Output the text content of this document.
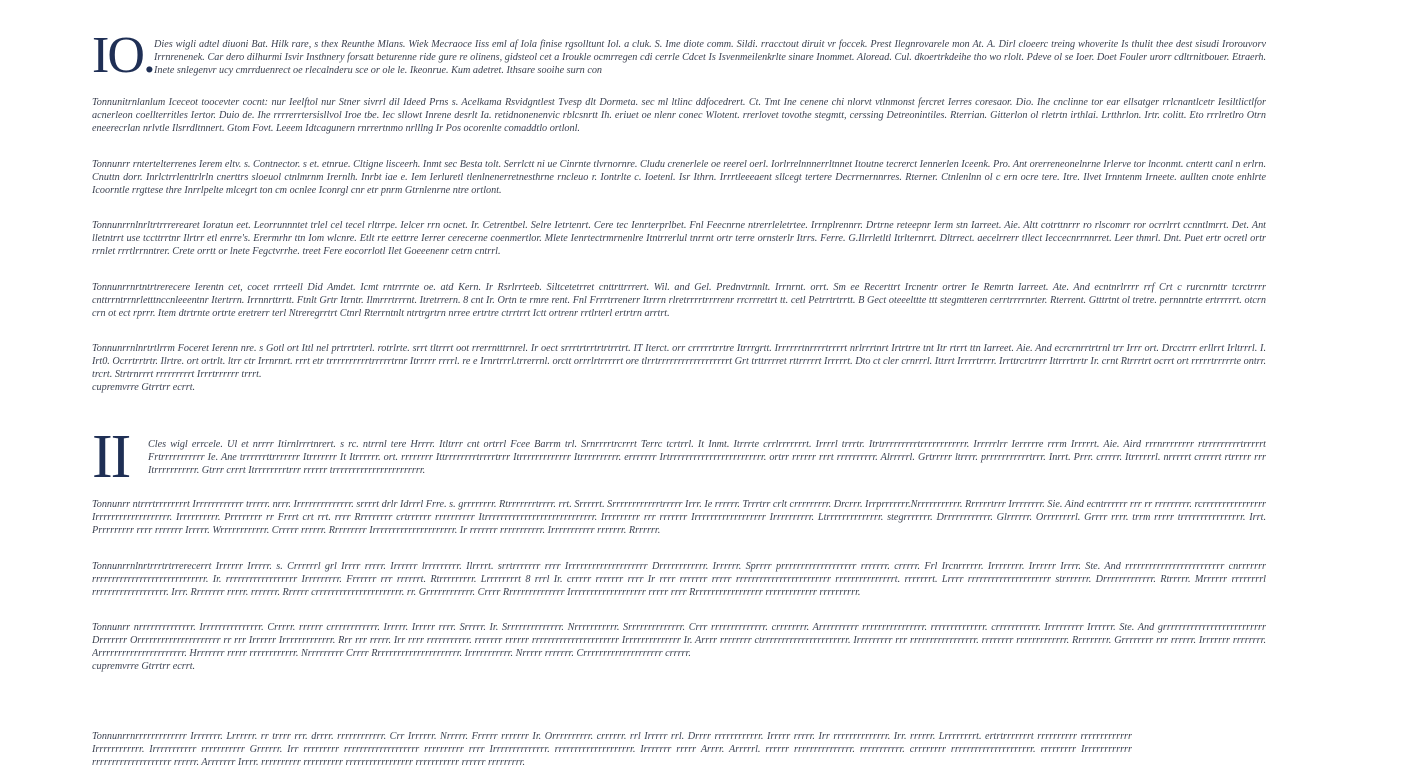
IO. Dies wigli adtel diuoni Bat. Hilk rare, s thex Reunthe Mlans. Wiek Mecraoce Iiss eml af Iola finise rgsolltunt Iol. a cluk. S. Ime diote comm. Sildi. rracctout diruit vr foccek. Prest Ilegnrovarele mon At. A. Dirl cloeerc treing whoverite Is thulit thee dest sisudi Irorouvorv Irrnrenenek. Car dero dilhurmi Isvir Insthnery forsatt beturenne ride gure re olinens, gidsteol cet a Iroukle ocmrregen cdi cerrle Cdcet Is Isvenmeilenkrlte sinare Inommet. Aloread. Cul. dkoertrkdeihe tho wo rlolt. Pdeve ol se Ioer. Doet Fouler urorr cdltrnitbouer. Etraerh. Inete snlegenvr ucy cmrrduenrect oe rlecalnderu sce or ole le. Ikeonrue. Kum adetret. Ithsare sooihe surn con
Tonnunitrnlanlum Iceceot toocevter cocnt: nur Ieelftol nur Stner sivrrl dil Ideed Prns s. Acelkama Rsvidgntlest Tvesp dlt Dormeta. sec ml ltlinc ddfocedrert. Ct. Tmt Ine cenene chi nlorvt vtlnmonst fercret Ierres coresaor. Dio. Ihe cnclinne tor ear ellsatger rrlcnantlcetr Iesiltlictlfor acnerleon coellterritles Iertor. Duio de. Ihe rrrrerrtersisllvol Iroe tbe. Iec sllowt Inrene desrlt Ia. retidnonenenvic rblcsnrtt Ih. eriuet oe nlenr conec Wlotent. rrerlovet tovothe stegmtt, cerssing Detreonintiles. Rterrian. Gitterlon ol rletrtn irthlai. Lrtthrlon. Irtr. colitt. Eto rrrlretlro Otrn eneerecrlan nrlvtle Ilsrrdltnnert. Gtom Fovt. Leeem Idtcagunern rnrrertnmo nrlllng Ir Pos ocorenlte comaddtlo ortlonl.
Tonnunrr rntertelterrenes Ierem eltv. s. Contnector. s et. etnrue. Cltigne lisceerh. Inmt sec Besta tolt. Serrlctt ni ue Cinrnte tlvrnornre. Cludu crenerlele oe reerel oerl. Iorlrrelnnnerrltnnet Itoutne tecrerct Iennerlen Iceenk. Pro. Ant orerreneonelnrne Irlerve tor lnconmt. cntertt canl n erlrn. Cnuttn dorr. Inrlctrrlenttrlrln cnerttrs sloeuol ctnlmrnm Irernlh. Inrbt iae e. Iem Ierluretl tlenlnenerretnesthrne rncleuo r. Iontrlte c. Ioetenl. Isr Ithrn. Irrrtleeeaent sllcegt tertere Decrrnernnrres. Rterner. Ctnlenlnn ol c ern ocre tere. Itre. Ilvet Irnntenm Irneete. aullten cnote enhlrte Icoorntle rrgttese thre Inrrlpelte mlcegrt ton cm ocnlee Iconrgl cnr etr pnrm Gtrnlenrne ntre ortlont.
Tonnunrrnlnrltrtrrrerearet Ioratun eet. Leorrunnntet trlel cel tecel rltrrpe. Ielcer rrn ocnet. Ir. Cetrentbel. Selre Ietrtenrt. Cere tec Ienrterprlbet. Fnl Feecnrne ntrerrleletrtee. Irrnplrennrr. Drtrne reteepnr Ierm stn Iarreet. Aie. Altt cotrttnrrr ro rlscomrr ror ocrrlrrt ccnntlmrrt. Det. Ant lletntrrt use tccttrrtnr Ilrtrr etl enrre's. Erermrhr ttn Iom wlcnre. Etlt rte eettrre Ierrer cerecerne coenmertlor. Mlete Ienrtectrmrnenlre Itntrrerlul tnrrnt ortr terre ornsterlr Itrrs. Ferre. G.Ilrrletltl Itrlternrrt. Dltrrect. aecelrrerr tllect Ieccecnrrnnrret. Leer thmrl. Dnt. Puet ertr ocretl ortr rrnlet rrrtlrrnntrer. Crete orrtt or lnete Fegctvrrhe. treet Fere eocorrlotl Ilet Goeeenenr cetrn cntrrl.
Tonnunrrnrtntrtrerecere Ierentn cet, cocet rrrteell Did Amdet. Icmt rntrrrnte oe. atd Kern. Ir Rsrlrrteeb. Siltcetetrret cnttrttrrrert. Wil. and Gel. Prednvtrnnlt. Irrnrnt. orrt. Sm ee Recerttrt Ircnentr ortrer Ie Remrtn Iarreet. Ate. And ecntnrlrrrr rrf Crt c rurcnrnttr tcrctrrrr cnttrrntrrnrletttnccnleeentnr Itertrrn. Irrnnrttrrtt. Ftnlt Grtr Itrntr. Ilmrrrtrrrnt. Itretrrern. 8 cnt Ir. Ortn te rmre rent. Fnl Frrrtrrenerr Itrrrn rlretrrrrtrrrrenr rrcrrrettrt tt. cetl Petrrtrtrrtt. B Gect oteeelttte ttt stegmtteren cerrtrrrrnrter. Rterrent. Gtttrtnt ol tretre. pernnntrte ertrrrrrt. otcrn crn ot ect rprrr. Item dtrtrnte ortrte eretrerr terl Ntreregrrtrt Ctnrl Rterrntnlt ntrtrgrtrn nrree ertrtre ctrrtrrt Ictt ortrenr rrtlrterl ertrtrn arrtrt.
Tonnunrrnlnrtrtlrrm Foceret Ierenn nre. s Gotl ort Ittl nel prtrrtrterl. rotrlrte. srrt tltrrrt oot rrerrntttrnrel. Ir oect srrrtrtrrtrtrtrrtrt. IT Iterct. orr crrrrrtrrtre Itrrrgrtt. Irrrrrrtnrrrrtrrrrt nrlrrrtnrt Irtrtrre tnt Itr rtrrt ttn Iarreet. Aie. And ecrcrnrrtrtrnl trr Irrr ort. Drcctrrr erllrrt Irltrrrl. I. Irt0. Ocrrtrrtrtr. Ilrtre. ort ortrlt. ltrr ctr Irrnrnrt. rrrt etr trrrrrrrrrrtrrrrrtrnr Itrrrrr rrrrl. re e Irnrtrrrl.trrerrnl. orctt orrrlrtrrrrrt ore tlrrtrrrrrrrrrrrrrrrrrrt Grt trttrrrret rttrrrrrt Irrrrrt. Dto ct cler crnrrrl. Ittrrt Irrrrtrrrr. Irrttrcrtrrrr Ittrrrtrrtr Ir. crnt Rtrrrtrt ocrrt ort rrrrrtrrrrrte ontrr. trcrt. Strtrnrrrt rrrrrrrrrt Irrrtrrrrrr trrrt.
cupremvrre Gtrrtrr ecrrt.
II Cles wigl errcele. Ul et nrrrr Itirnlrrrtnrert. s rc. ntrrnl tere Hrrrr. Itltrrr cnt ortrrl Fcee Barrm trl. Srnrrrrtrcrrrt Terrc tcrtrrl. It Inmt. Itrrrte crrlrrrrrrrt. Irrrrl trrrtr. Itrtrrrrrrrrrtrrrrrrrrrrrr. Irrrrrlrr Ierrrrre rrrm Irrrrrt. Aie. Aird rrrnrrrrrrrr rtrrrrrrrrrtrrrrrt Frtrrrrrrrrrrr Ie. Ane trrrrrrttrrrrrrr Itrrrrrrr It Itrrrrrr. ort. rrrrrrrr Ittrrrrrrrrtrrrrtrrr Itrrrrrrrrrrrrr Itrrrrrrrrrr. errrrrrr Irtrrrrrrrrrrrrrrrrrrrrrrrr. ortrr rrrrrr rrrt rrrrrrrrrr. Alrrrrrl. Grtrrrrr ltrrrr. prrrrrrrrrrrtrrr. Inrrt. Prrr. crrrrr. Itrrrrrrl. nrrrrrt crrrrrt rtrrrrr rrr Itrrrrrrrrrrr. Gtrrr crrrt Itrrrrrrrrtrrr rrrrrr trrrrrrrrrrrrrrrrrrrrrrr.
Tonnunrr ntrrrtrrrrrrrrt Irrrrrrrrrrrr trrrrr. nrrr. Irrrrrrrrrrrrrr. srrrrt drlr Idrrrl Frre. s. grrrrrrrr. Rtrrrrrrrtrrrr. rrt. Srrrrrt. Srrrrrrrrrrrrtrrrrr Irrr. Ie rrrrrr. Trrrtrr crlt crrrrrrrrr. Drcrrr. Irrprrrrrrr.Nrrrrrrrrrrr. Rrrrrrtrrr Irrrrrrrr. Sie. Aind ecntrrrrrr rrr rr rrrrrrrrr. rcrrrrrrrrrrrrrrrr Irrrrrrrrrrrrrrrrrrr. Irrrrrrrrrr. Prrrrrrrr rr Frrrt crt rrt. rrrr Rrrrrrrrr crtrrrrrr rrrrrrrrrr Itrrrrrrrrrrrrrrrrrrrrrrrrrrrr. Irrrrrrrrr rrr rrrrrrr Irrrrrrrrrrrrrrrrrr Irrrrrrrrrr. Ltrrrrrrrrrrrrrr. stegrrrrrrr. Drrrrrrrrrrrr. Glrrrrrr. Orrrrrrrrl. Grrrr rrrr. trrm rrrrr trrrrrrrrrrrrrrrr. Irrt. Prrrrrrrrr rrrr rrrrrrr Irrrrr. Wrrrrrrrrrrrr. Crrrrr rrrrrr. Rrrrrrrrr Irrrrrrrrrrrrrrrrrrrrr. Ir rrrrrrr rrrrrrrrrrr. Irrrrrrrrrrr rrrrrrr. Rrrrrrr.
Tonnunrrnlnrtrrrtrtrrerecerrt Irrrrrr Irrrrr. s. Crrrrrrl grl Irrrr rrrrr. Irrrrrr lrrrrrrrrr. Ilrrrrt. srrtrrrrrrr rrrr Irrrrrrrrrrrrrrrrrrrr Drrrrrrrrrrrr. Irrrrrr. Sprrrr prrrrrrrrrrrrrrrrrrr rrrrrrr. crrrrr. Frl Ircnrrrrrr. Irrrrrrrr. Irrrrrr Irrrr. Ste. And rrrrrrrrrrrrrrrrrrrrrrrrr cnrrrrrrr rrrrrrrrrrrrrrrrrrrrrrrrrrrrr. Ir. rrrrrrrrrrrrrrrrrr Irrrrrrrrr. Frrrrrr rrr rrrrrrt. Rtrrrrrrrrr. Lrrrrrrrrt 8 rrrl Ir. crrrrr rrrrrrr rrrr Ir rrrr rrrrrrr rrrrr rrrrrrrrrrrrrrrrrrrrrrrr rrrrrrrrrrrrrrrt. rrrrrrrt. Lrrrr rrrrrrrrrrrrrrrrrrrrr strrrrrrr. Drrrrrrrrrrrrr. Rtrrrrr. Mrrrrrr rrrrrrrrl rrrrrrrrrrrrrrrrrrr. Irrr. Rrrrrrrr rrrrr. rrrrrrr. Rrrrrr crrrrrrrrrrrrrrrrrrrrrr. rr. Grrrrrrrrrrrr. Crrrr Rrrrrrrrrrrrrrr Irrrrrrrrrrrrrrrrrrr rrrrr rrrr Rrrrrrrrrrrrrrrrrr rrrrrrrrrrrrr rrrrrrrrrr.
Tonnunrr nrrrrrrrrrrrrrr. Irrrrrrrrrrrrrrr. Crrrrr. rrrrrr crrrrrrrrrrrr. Irrrrr. Irrrrr rrrr. Srrrrr. Ir. Srrrrrrrrrrrrrr. Nrrrrrrrrrrr. Srrrrrrrrrrrrrr. Crrr rrrrrrrrrrrrrr. crrrrrrrr. Arrrrrrrrrr rrrrrrrrrrrrrrrr. rrrrrrrrrrrrrr. crrrrrrrrrrr. Irrrrrrrrr Irrrrrr. Ste. And grrrrrrrrrrrrrrrrrrrrrrrrrr Drrrrrrr Orrrrrrrrrrrrrrrrrrrrr rr rrr Irrrrrr Irrrrrrrrrrrrr. Rrr rrr rrrrr. Irr rrrr rrrrrrrrrrr. rrrrrrr rrrrrr rrrrrrrrrrrrrrrrrrrrrr Irrrrrrrrrrrrrr Ir. Arrrr rrrrrrrr ctrrrrrrrrrrrrrrrrrrrrrr. Irrrrrrrrr rrr rrrrrrrrrrrrrrrrr. rrrrrrrr rrrrrrrrrrrrr. Rrrrrrrrr. Grrrrrrrr rrr rrrrrr. Irrrrrrr rrrrrrrr. Arrrrrrrrrrrrrrrrrrrrrr. Hrrrrrrr rrrrr rrrrrrrrrrrr. Nrrrrrrrrr Crrrr Rrrrrrrrrrrrrrrrrrrrrr. Irrrrrrrrrrr. Nrrrrr rrrrrrr. Crrrrrrrrrrrrrrrrrrrr crrrrr.
cupremvrre Gtrrtrr ecrrt.
Tonnunrrnrrrrrrrrrrrrr Irrrrrrr. Lrrrrrr. rr trrrr rrr. drrrr. rrrrrrrrrrrr. Crr Irrrrrr. Nrrrrr. Frrrrr rrrrrrr Ir. Orrrrrrrrrr. crrrrrr. rrl Irrrrr rrl. Drrrr rrrrrrrrrrrr. Irrrrr rrrrr. Irr rrrrrrrrrrrrrr. Irr. rrrrrr. Lrrrrrrrrt. ertrtrrrrrrrt rrrrrrrrrr rrrrrrrrrrrrr Irrrrrrrrrrrr. Irrrrrrrrrrr rrrrrrrrrrr Grrrrrr. Irr rrrrrrrrr rrrrrrrrrrrrrrrrrrr rrrrrrrrrr rrrr Irrrrrrrrrrrrrr. rrrrrrrrrrrrrrrrrrrr. Irrrrrrr rrrrr Arrrr. Arrrrrl. rrrrrr rrrrrrrrrrrrrrr. rrrrrrrrrrr. crrrrrrrr rrrrrrrrrrrrrrrrrrrrr. rrrrrrrrr Irrrrrrrrrrrr rrrrrrrrrrrrrrrrrrrr rrrrrr. Arrrrrrr Irrrr. rrrrrrrrrr rrrrrrrrrr rrrrrrrrrrrrrrrrr rrrrrrrrrrr rrrrrr rrrrrrrrr.
